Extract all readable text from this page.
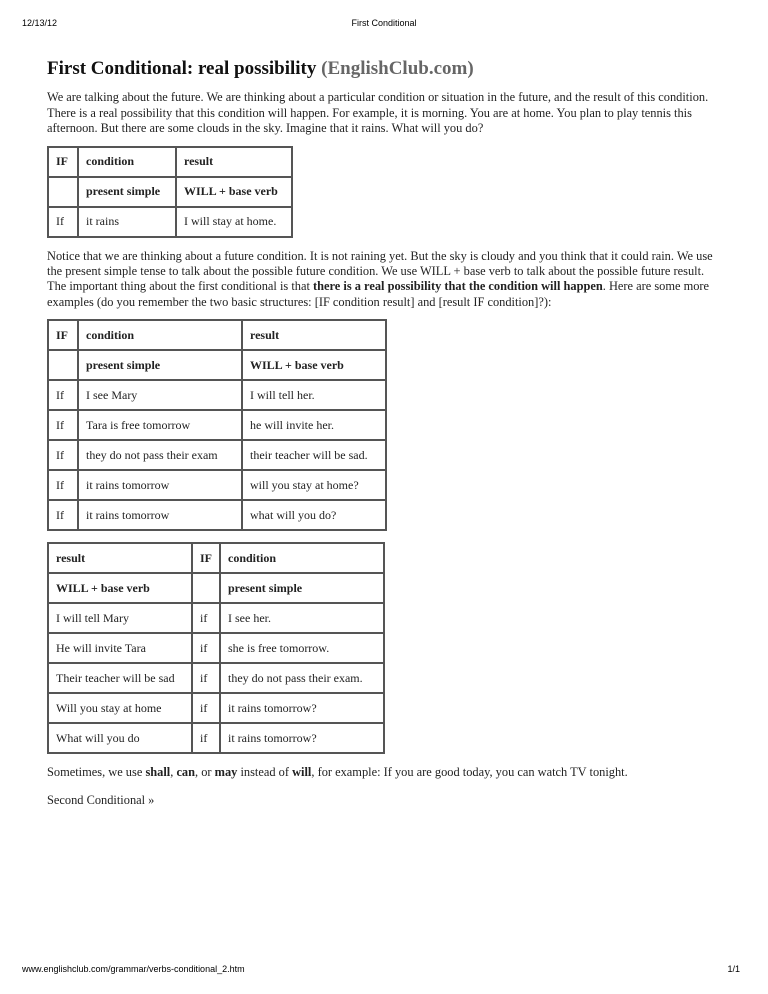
12/13/12	First Conditional
First Conditional: real possibility (EnglishClub.com)

We are talking about the future. We are thinking about a particular condition or situation in the future, and the result of this condition. There is a real possibility that this condition will happen. For example, it is morning. You are at home. You plan to play tennis this afternoon. But there are some clouds in the sky. Imagine that it rains. What will you do?

IF	condition	result
	present simple	WILL + base verb
If	it rains	I will stay at home.

Notice that we are thinking about a future condition. It is not raining yet. But the sky is cloudy and you think that it could rain. We use the present simple tense to talk about the possible future condition. We use WILL + base verb to talk about the possible future result. The important thing about the first conditional is that there is a real possibility that the condition will happen. Here are some more examples (do you remember the two basic structures: [IF condition result] and [result IF condition]?):

IF	condition	result
	present simple	WILL + base verb
If	I see Mary	I will tell her.
If	Tara is free tomorrow	he will invite her.
If	they do not pass their exam	their teacher will be sad.
If	it rains tomorrow	will you stay at home?
If	it rains tomorrow	what will you do?
result	IF	condition
WILL + base verb		present simple
I will tell Mary	if	I see her.
He will invite Tara	if	she is free tomorrow.
Their teacher will be sad	if	they do not pass their exam.
Will you stay at home	if	it rains tomorrow?
What will you do	if	it rains tomorrow?

Sometimes, we use shall, can, or may instead of will, for example: If you are good today, you can watch TV tonight.

Second Conditional »

www.englishclub.com/grammar/verbs-conditional_2.htm	1/1
